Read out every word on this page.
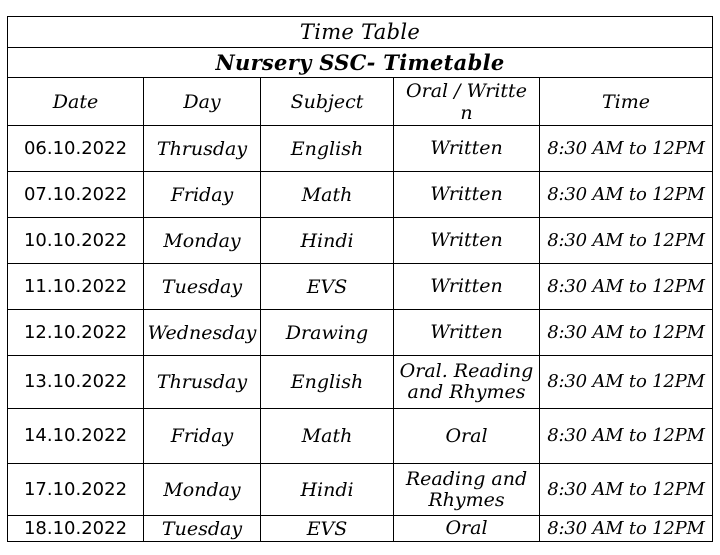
Time Table				
Nursery SSC- Timetable				
Date	Day	Subject	Oral / Written	Time
06.10.2022	Thrusday	English	Written	8:30 AM to 12PM
07.10.2022	Friday	Math	Written	8:30 AM to 12PM
10.10.2022	Monday	Hindi	Written	8:30 AM to 12PM
11.10.2022	Tuesday	EVS	Written	8:30 AM to 12PM
12.10.2022	Wednesday	Drawing	Written	8:30 AM to 12PM
13.10.2022	Thrusday	English	Oral. Reading and Rhymes	8:30 AM to 12PM
14.10.2022	Friday	Math	Oral	8:30 AM to 12PM
17.10.2022	Monday	Hindi	Reading and Rhymes	8:30 AM to 12PM
18.10.2022	Tuesday	EVS	Oral	8:30 AM to 12PM
